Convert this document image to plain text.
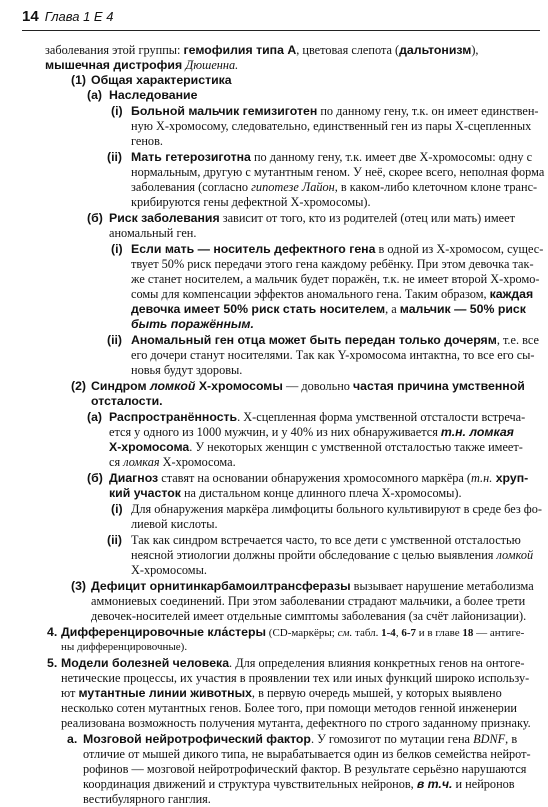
14 Глава 1 Е 4
заболевания этой группы: гемофилия типа А, цветовая слепота (дальтонизм),
мышечная дистрофия Дюшенна.
(1) Общая характеристика
(а) Наследование
(i) Больной мальчик гемизиготен по данному гену, т.к. он имеет единствен-
ную Х-хромосому, следовательно, единственный ген из пары Х-сцепленных
генов.
(ii) Мать гетерозиготна по данному гену, т.к. имеет две Х-хромосомы: одну с
нормальным, другую с мутантным геном. У неё, скорее всего, неполная форма
заболевания (согласно гипотезе Лайон, в каком-либо клеточном клоне транс-
крибируются гены дефектной Х-хромосомы).
(б) Риск заболевания зависит от того, кто из родителей (отец или мать) имеет
аномальный ген.
(i) Если мать — носитель дефектного гена в одной из Х-хромосом, сущес-
твует 50% риск передачи этого гена каждому ребёнку. При этом девочка так-
же станет носителем, а мальчик будет поражён, т.к. не имеет второй Х-хромо-
сомы для компенсации эффектов аномального гена. Таким образом, каждая
девочка имеет 50% риск стать носителем, а мальчик — 50% риск
быть поражённым.
(ii) Аномальный ген отца может быть передан только дочерям, т.е. все
его дочери станут носителями. Так как Y-хромосома интактна, то все его сы-
новья будут здоровы.
(2) Синдром ломкой Х-хромосомы — довольно частая причина умственной
отсталости.
(а) Распространённость. Х-сцепленная форма умственной отсталости встреча-
ется у одного из 1000 мужчин, и у 40% из них обнаруживается т.н. ломкая
Х-хромосома. У некоторых женщин с умственной отсталостью также имеет-
ся ломкая Х-хромосома.
(б) Диагноз ставят на основании обнаружения хромосомного маркёра (т.н. хруп-
кий участок на дистальном конце длинного плеча Х-хромосомы).
(i) Для обнаружения маркёра лимфоциты больного культивируют в среде без фо-
лиевой кислоты.
(ii) Так как синдром встречается часто, то все дети с умственной отсталостью
неясной этиологии должны пройти обследование с целью выявления ломкой
Х-хромосомы.
(3) Дефицит орнитинкарбамоилтрансферазы вызывает нарушение метаболизма
аммониевых соединений. При этом заболевании страдают мальчики, а более трети
девочек-носителей имеет отдельные симптомы заболевания (за счёт лайонизации).
4. Дифференцировочные кла́стеры (CD-маркёры; см. табл. 1-4, 6-7 и в главе 18 — антиге-
ны дифференцировочные).
5. Модели болезней человека. Для определения влияния конкретных генов на онтоге-
нетические процессы, их участия в проявлении тех или иных функций широко использу-
ют мутантные линии животных, в первую очередь мышей, у которых выявлено
несколько сотен мутантных генов. Более того, при помощи методов генной инженерии
реализована возможность получения мутанта, дефектного по строго заданному признаку.
а. Мозговой нейротрофический фактор. У гомозигот по мутации гена BDNF, в
отличие от мышей дикого типа, не вырабатывается один из белков семейства нейрот-
рофинов — мозговой нейротрофический фактор. В результате серьёзно нарушаются
координация движений и структура чувствительных нейронов, в т.ч. и нейронов
вестибулярного ганглия.
